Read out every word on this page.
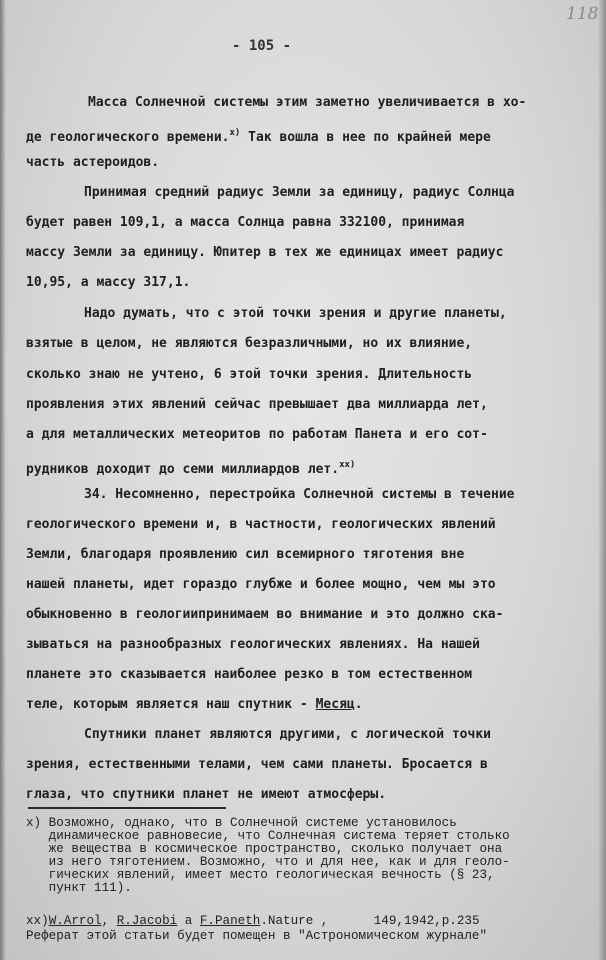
118
- 105 -
Масса Солнечной системы этим заметно увеличивается в хо-
де геологического времени.$^{x)}$ Так вошла в нее по крайней мере
часть астероидов.
Принимая средний радиус Земли за единицу, радиус Солнца
будет равен 109,1, а масса Солнца равна 332100, принимая
массу Земли за единицу. Юпитер в тех же единицах имеет радиус
10,95, а массу 317,1.
Надо думать, что с этой точки зрения и другие планеты,
взятые в целом, не являются безразличными, но их влияние,
сколько знаю не учтено, 6 этой точки зрения. Длительность
проявления этих явлений сейчас превышает два миллиарда лет,
а для металлических метеоритов по работам Панета и его сот-
рудников доходит до семи миллиардов лет.$^{xx)}$
34. Несомненно, перестройка Солнечной системы в течение
геологического времени и, в частности, геологических явлений
Земли, благодаря проявлению сил всемирного тяготения вне
нашей планеты, идет гораздо глубже и более мощно, чем мы это
обыкновенно в геологиипринимаем во внимание и это должно ска-
зываться на разнообразных геологических явлениях. На нашей
планете это сказывается наиболее резко в том естественном
теле, которым является наш спутник - Месяц.
Спутники планет являются другими, с логической точки
зрения, естественными телами, чем сами планеты. Бросается в
глаза, что спутники планет не имеют атмосферы.
x) Возможно, однако, что в Солнечной системе установилось
динамическое равновесие, что Солнечная система теряет столько
же вещества в космическое пространство, сколько получает она
из него тяготением. Возможно, что и для нее, как и для геоло-
гических явлений, имеет место геологическая вечность (§ 23,
пункт 111).
xx)W.Arrol, R.Jacobi a F.Paneth.Nature ,      149,1942,p.235
Реферат этой статьи будет помещен в "Астрономическом журнале"
